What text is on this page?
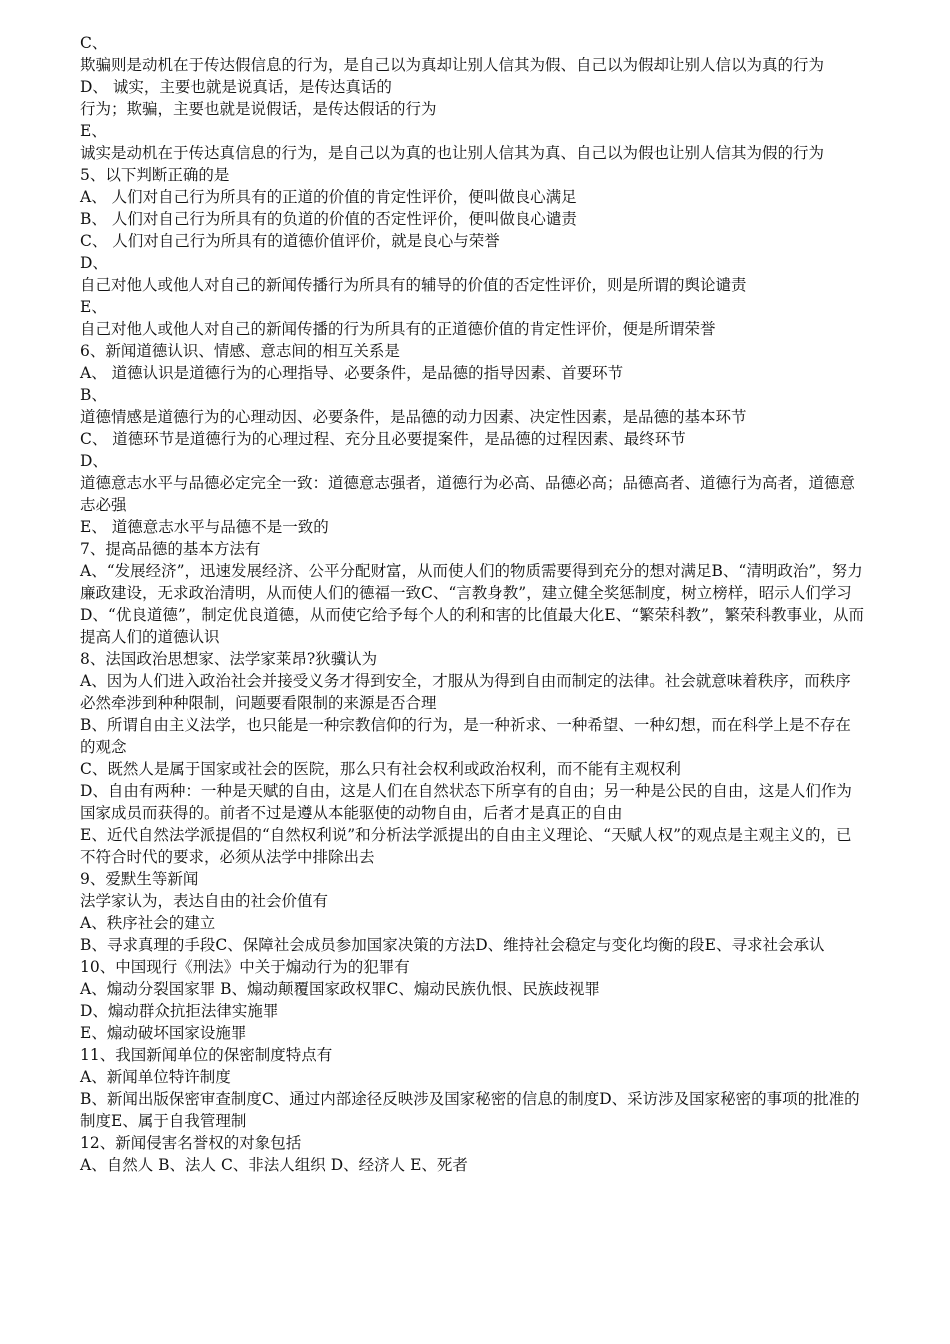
C、

欺骗则是动机在于传达假信息的行为，是自己以为真却让别人信其为假、自己以为假却让别人信以为真的行为

D、 诚实，主要也就是说真话，是传达真话的

行为；欺骗，主要也就是说假话，是传达假话的行为

E、

诚实是动机在于传达真信息的行为，是自己以为真的也让别人信其为真、自己以为假也让别人信其为假的行为

5、以下判断正确的是

A、 人们对自己行为所具有的正道的价值的肯定性评价，便叫做良心满足

B、 人们对自己行为所具有的负道的价值的否定性评价，便叫做良心谴责

C、 人们对自己行为所具有的道德价值评价，就是良心与荣誉

D、

自己对他人或他人对自己的新闻传播行为所具有的辅导的价值的否定性评价，则是所谓的舆论谴责

E、

自己对他人或他人对自己的新闻传播的行为所具有的正道德价值的肯定性评价，便是所谓荣誉

6、新闻道德认识、情感、意志间的相互关系是

A、 道德认识是道德行为的心理指导、必要条件，是品德的指导因素、首要环节

B、

道德情感是道德行为的心理动因、必要条件，是品德的动力因素、决定性因素，是品德的基本环节

C、 道德环节是道德行为的心理过程、充分且必要提案件，是品德的过程因素、最终环节

D、

道德意志水平与品德必定完全一致：道德意志强者，道德行为必高、品德必高；品德高者、道德行为高者，道德意志必强

E、 道德意志水平与品德不是一致的

7、提高品德的基本方法有

A、“发展经济”，迅速发展经济、公平分配财富，从而使人们的物质需要得到充分的想对满足B、“清明政治”，努力廉政建设，无求政治清明，从而使人们的德福一致C、“言教身教”，建立健全奖惩制度，树立榜样，昭示人们学习D、“优良道德”，制定优良道德，从而使它给予每个人的利和害的比值最大化E、“繁荣科教”，繁荣科教事业，从而提高人们的道德认识

8、法国政治思想家、法学家莱昂?狄骥认为

A、因为人们进入政治社会并接受义务才得到安全，才服从为得到自由而制定的法律。社会就意味着秩序，而秩序必然牵涉到种种限制，问题要看限制的来源是否合理

B、所谓自由主义法学，也只能是一种宗教信仰的行为，是一种祈求、一种希望、一种幻想，而在科学上是不存在的观念

C、既然人是属于国家或社会的医院，那么只有社会权利或政治权利，而不能有主观权利

D、自由有两种：一种是天赋的自由，这是人们在自然状态下所享有的自由；另一种是公民的自由，这是人们作为国家成员而获得的。前者不过是遵从本能驱使的动物自由，后者才是真正的自由

E、近代自然法学派提倡的“自然权利说”和分析法学派提出的自由主义理论、“天赋人权”的观点是主观主义的，已不符合时代的要求，必须从法学中排除出去

9、爱默生等新闻

法学家认为，表达自由的社会价值有

A、秩序社会的建立

B、寻求真理的手段C、保障社会成员参加国家决策的方法D、维持社会稳定与变化均衡的段E、寻求社会承认

10、中国现行《刑法》中关于煽动行为的犯罪有

A、煽动分裂国家罪 B、煽动颠覆国家政权罪C、煽动民族仇恨、民族歧视罪

D、煽动群众抗拒法律实施罪

E、煽动破坏国家设施罪

11、我国新闻单位的保密制度特点有

A、新闻单位特许制度

B、新闻出版保密审查制度C、通过内部途径反映涉及国家秘密的信息的制度D、采访涉及国家秘密的事项的批准的制度E、属于自我管理制

12、新闻侵害名誉权的对象包括

A、自然人 B、法人 C、非法人组织 D、经济人 E、死者
